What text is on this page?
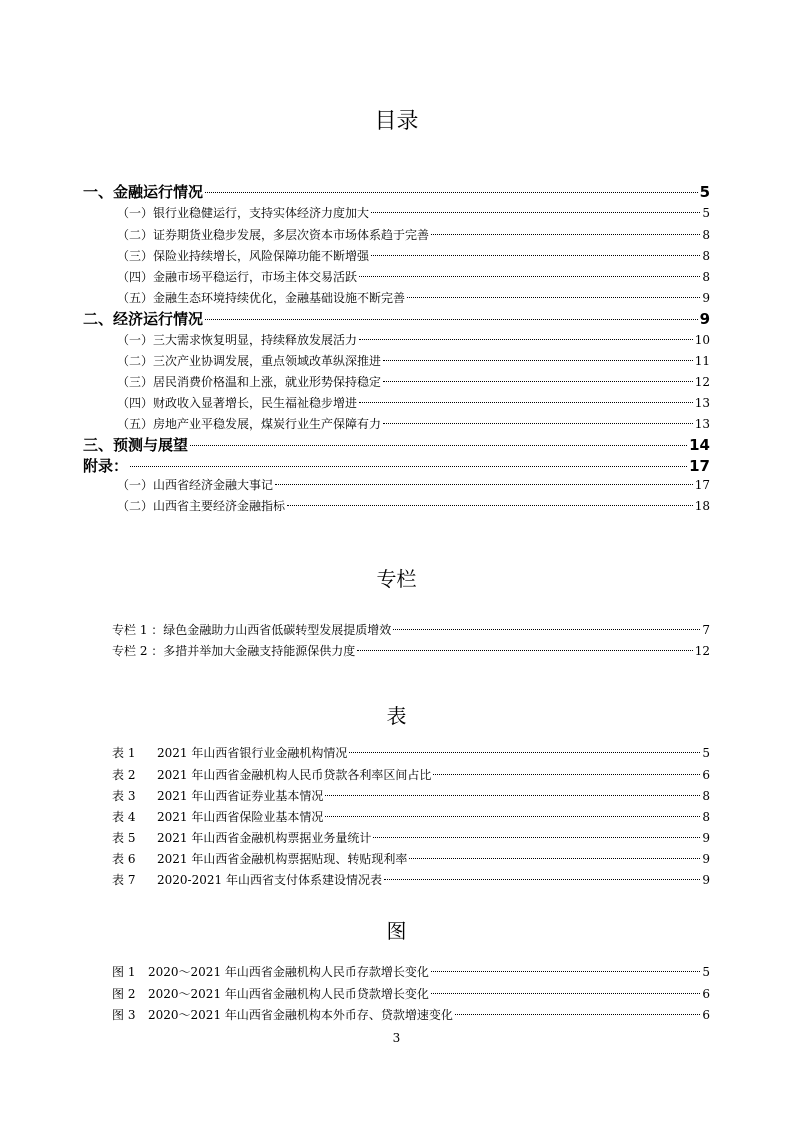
目录
一、金融运行情况	5
（一）银行业稳健运行，支持实体经济力度加大	5
（二）证券期货业稳步发展，多层次资本市场体系趋于完善	8
（三）保险业持续增长，风险保障功能不断增强	8
（四）金融市场平稳运行，市场主体交易活跃	8
（五）金融生态环境持续优化，金融基础设施不断完善	9
二、经济运行情况	9
（一）三大需求恢复明显，持续释放发展活力	10
（二）三次产业协调发展，重点领域改革纵深推进	11
（三）居民消费价格温和上涨，就业形势保持稳定	12
（四）财政收入显著增长，民生福祉稳步增进	13
（五）房地产业平稳发展，煤炭行业生产保障有力	13
三、预测与展望	14
附录：	17
（一）山西省经济金融大事记	17
（二）山西省主要经济金融指标	18
专栏
专栏 1 ：绿色金融助力山西省低碳转型发展提质增效	7
专栏 2 ：多措并举加大金融支持能源保供力度	12
表
表 1	2021 年山西省银行业金融机构情况	5
表 2	2021 年山西省金融机构人民币贷款各利率区间占比	6
表 3	2021 年山西省证券业基本情况	8
表 4	2021 年山西省保险业基本情况	8
表 5	2021 年山西省金融机构票据业务量统计	9
表 6	2021 年山西省金融机构票据贴现、转贴现利率	9
表 7	2020-2021 年山西省支付体系建设情况表	9
图
图 1	2020～2021 年山西省金融机构人民币存款增长变化	5
图 2	2020～2021 年山西省金融机构人民币贷款增长变化	6
图 3	2020～2021 年山西省金融机构本外币存、贷款增速变化	6
3
